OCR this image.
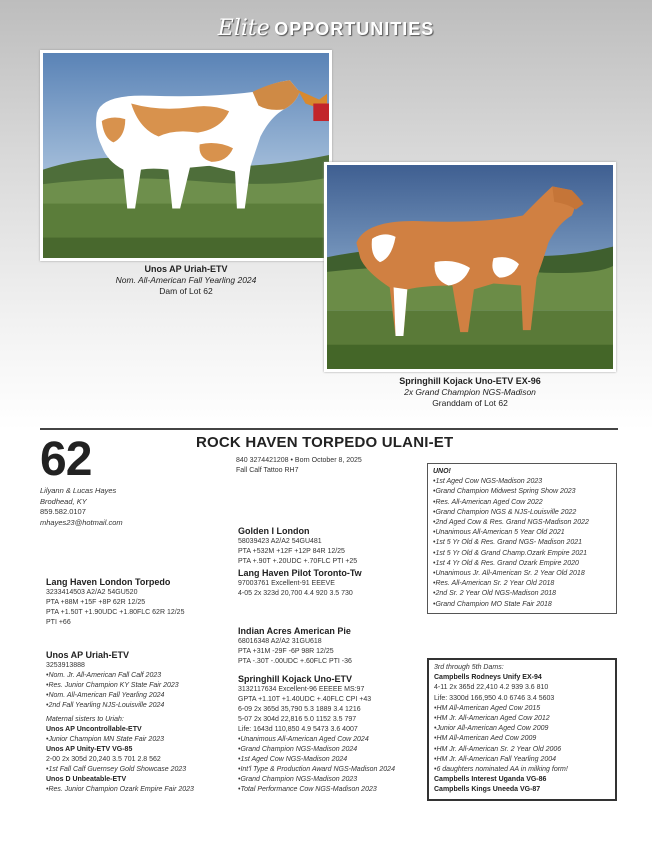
Elite OPPORTUNITIES
Unos AP Uriah-ETV
Nom. All-American Fall Yearling 2024
Dam of Lot 62
Springhill Kojack Uno-ETV EX-96
2x Grand Champion NGS-Madison
Granddam of Lot 62
62	ROCK HAVEN TORPEDO ULANI-ET
840 3274421208 • Born October 8, 2025
Fall Calf Tattoo RH7
Lilyann & Lucas Hayes
Brodhead, KY
859.582.0107
mhayes23@hotmail.com
Golden I London
58039423 A2/A2 54GU481
PTA +532M +12F +12P 84R 12/25
PTA +.90T +.20UDC +.70FLC PTI +25
Lang Haven Pilot Toronto-Tw
97003761 Excellent-91 EEEVE
4-05 2x 323d 20,700 4.4 920 3.5 730
Lang Haven London Torpedo
3233414503 A2/A2 54GU520
PTA +88M +15F +8P 62R 12/25
PTA +1.50T +1.90UDC +1.80FLC 62R 12/25
PTI +66
Indian Acres American Pie
68016348 A2/A2 31GU618
PTA +31M -29F -6P 98R 12/25
PTA -.30T -.00UDC +.60FLC PTI -36
Unos AP Uriah-ETV
3253913888
•Nom. Jr. All-American Fall Calf 2023
•Res. Junior Champion KY State Fair 2023
•Nom. All-American Fall Yearling 2024
•2nd Fall Yearling NJS-Louisville 2024
Maternal sisters to Uriah:
Unos AP Uncontrollable-ETV
•Junior Champion MN State Fair 2023
Unos AP Unity-ETV VG-85
2-00 2x 305d 20,240 3.5 701 2.8 562
•1st Fall Calf Guernsey Gold Showcase 2023
Unos D Unbeatable-ETV
•Res. Junior Champion Ozark Empire Fair 2023
Springhill Kojack Uno-ETV
3132117634 Excellent-96 EEEEE MS:97
GPTA +1.10T +1.40UDC +.40FLC CPI +43
6-09 2x 365d 35,790 5.3 1889 3.4 1216
5-07 2x 304d 22,816 5.0 1152 3.5 797
Life: 1643d 110,850 4.9 5473 3.6 4007
•Unanimous All-American Aged Cow 2024
•Grand Champion NGS-Madison 2024
•1st Aged Cow NGS-Madison 2024
•Int'l Type & Production Award NGS-Madison 2024
•Grand Champion NGS-Madison 2023
•Total Performance Cow NGS-Madison 2023
UNO!
•1st Aged Cow NGS-Madison 2023
•Grand Champion Midwest Spring Show 2023
•Res. All-American Aged Cow 2022
•Grand Champion NGS & NJS-Louisville 2022
•2nd Aged Cow & Res. Grand NGS-Madison 2022
•Unanimous All-American 5 Year Old 2021
•1st 5 Yr Old & Res. Grand NGS- Madison 2021
•1st 5 Yr Old & Grand Champ.Ozark Empire 2021
•1st 4 Yr Old & Res. Grand Ozark Empire 2020
•Unanimous Jr. All-American Sr. 2 Year Old 2018
•Res. All-American Sr. 2 Year Old 2018
•2nd Sr. 2 Year Old NGS-Madison 2018
•Grand Champion MO State Fair 2018
3rd through 5th Dams:
Campbells Rodneys Unify EX-94
4-11 2x 365d 22,410 4.2 939 3.6 810
Life: 3300d 166,950 4.0 6746 3.4 5603
•HM All-American Aged Cow 2015
•HM Jr. All-American Aged Cow 2012
•Junior All-American Aged Cow 2009
•HM All-American Aed Cow 2009
•HM Jr. All-American Sr. 2 Year Old 2006
•HM Jr. All-American Fall Yearling 2004
•6 daughters nominated AA in milking form!
Campbells Interest Uganda VG-86
Campbells Kings Uneeda VG-87
